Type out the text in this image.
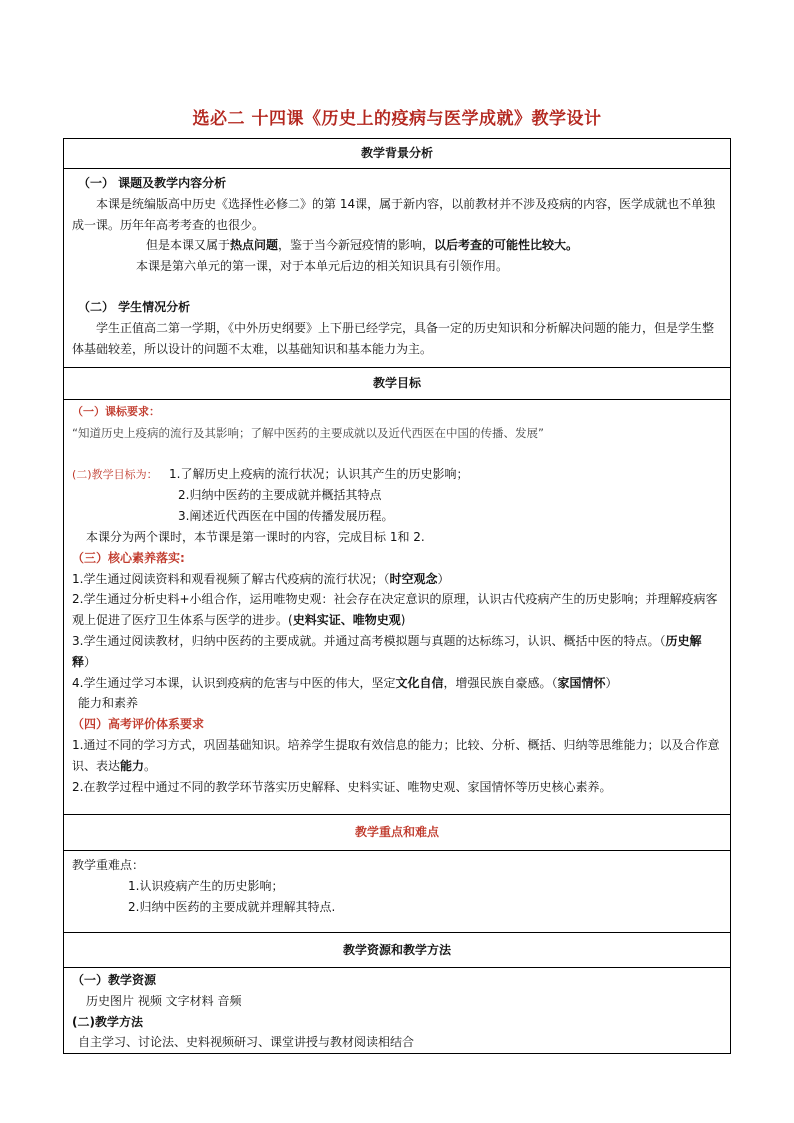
选必二 十四课《历史上的疫病与医学成就》教学设计
教学背景分析

（一） 课题及教学内容分析
本课是统编版高中历史《选择性必修二》的第 14课，属于新内容，以前教材并不涉及疫病的内容，医学成就也不单独成一课。历年年高考考查的也很少。
但是本课又属于热点问题，鉴于当今新冠疫情的影响，以后考查的可能性比较大。
本课是第六单元的第一课，对于本单元后边的相关知识具有引领作用。
（二） 学生情况分析
学生正值高二第一学期，《中外历史纲要》上下册已经学完，具备一定的历史知识和分析解决问题的能力，但是学生整体基础较差，所以设计的问题不太难，以基础知识和基本能力为主。

教学目标

（一）课标要求：
“知道历史上疫病的流行及其影响；了解中医药的主要成就以及近代西医在中国的传播、发展”
(二)教学目标为： 1.了解历史上疫病的流行状况；认识其产生的历史影响；
2.归纳中医药的主要成就并概括其特点
3.阐述近代西医在中国的传播发展历程。
本课分为两个课时，本节课是第一课时的内容，完成目标 1和 2.
（三）核心素养落实:
1.学生通过阅读资料和观看视频了解古代疫病的流行状况；（时空观念）
2.学生通过分析史料+小组合作，运用唯物史观：社会存在决定意识的原理，认识古代疫病产生的历史影响；并理解疫病客观上促进了医疗卫生体系与医学的进步。(史料实证、唯物史观)
3.学生通过阅读教材，归纳中医药的主要成就。并通过高考模拟题与真题的达标练习，认识、概括中医的特点。（历史解释）
4.学生通过学习本课，认识到疫病的危害与中医的伟大，坚定文化自信，增强民族自豪感。（家国情怀）
能力和素养
（四）高考评价体系要求
1.通过不同的学习方式，巩固基础知识。培养学生提取有效信息的能力；比较、分析、概括、归纳等思维能力；以及合作意识、表达能力。
2.在教学过程中通过不同的教学环节落实历史解释、史料实证、唯物史观、家国情怀等历史核心素养。

教学重点和难点

教学重难点：
1.认识疫病产生的历史影响；
2.归纳中医药的主要成就并理解其特点.

教学资源和教学方法

（一）教学资源
历史图片 视频 文字材料 音频
(二)教学方法
自主学习、讨论法、史料视频研习、课堂讲授与教材阅读相结合
